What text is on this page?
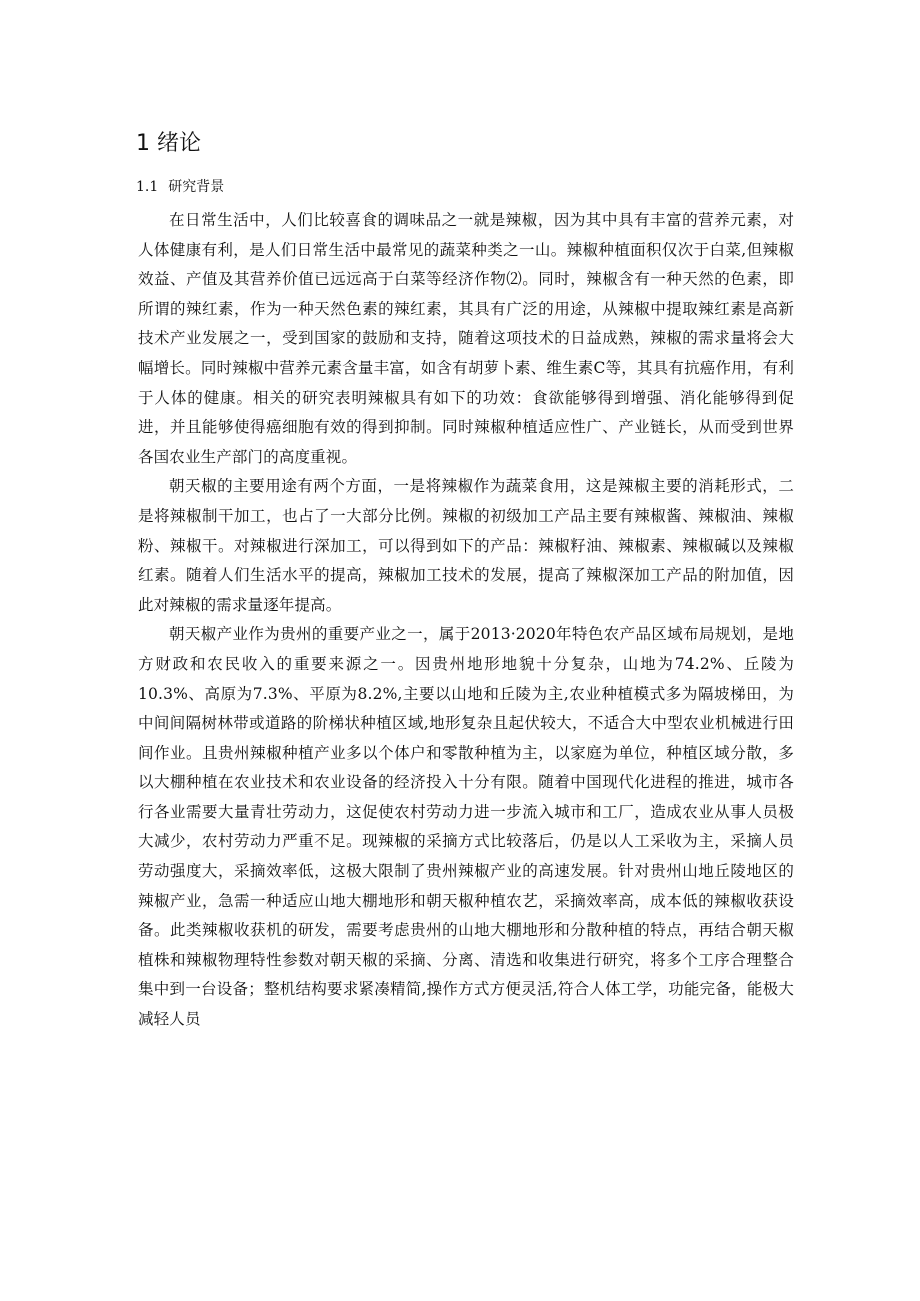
1 绪论
1.1 研究背景

在日常生活中，人们比较喜食的调味品之一就是辣椒，因为其中具有丰富的营养元素，对人体健康有利，是人们日常生活中最常见的蔬菜种类之一山。辣椒种植面积仅次于白菜,但辣椒效益、产值及其营养价值已远远高于白菜等经济作物⑵。同时，辣椒含有一种天然的色素，即所谓的辣红素，作为一种天然色素的辣红素，其具有广泛的用途，从辣椒中提取辣红素是高新技术产业发展之一，受到国家的鼓励和支持，随着这项技术的日益成熟，辣椒的需求量将会大幅增长。同时辣椒中营养元素含量丰富，如含有胡萝卜素、维生素C等，其具有抗癌作用，有利于人体的健康。相关的研究表明辣椒具有如下的功效：食欲能够得到增强、消化能够得到促进，并且能够使得癌细胞有效的得到抑制。同时辣椒种植适应性广、产业链长，从而受到世界各国农业生产部门的高度重视。

朝天椒的主要用途有两个方面，一是将辣椒作为蔬菜食用，这是辣椒主要的消耗形式，二是将辣椒制干加工，也占了一大部分比例。辣椒的初级加工产品主要有辣椒酱、辣椒油、辣椒粉、辣椒干。对辣椒进行深加工，可以得到如下的产品：辣椒籽油、辣椒素、辣椒碱以及辣椒红素。随着人们生活水平的提高，辣椒加工技术的发展，提高了辣椒深加工产品的附加值，因此对辣椒的需求量逐年提高。

朝天椒产业作为贵州的重要产业之一，属于2013·2020年特色农产品区域布局规划，是地方财政和农民收入的重要来源之一。因贵州地形地貌十分复杂，山地为74.2%、丘陵为10.3%、高原为7.3%、平原为8.2%,主要以山地和丘陵为主,农业种植模式多为隔坡梯田，为中间间隔树林带或道路的阶梯状种植区域,地形复杂且起伏较大，不适合大中型农业机械进行田间作业。且贵州辣椒种植产业多以个体户和零散种植为主，以家庭为单位，种植区域分散，多以大棚种植在农业技术和农业设备的经济投入十分有限。随着中国现代化进程的推进，城市各行各业需要大量青壮劳动力，这促使农村劳动力进一步流入城市和工厂，造成农业从事人员极大减少，农村劳动力严重不足。现辣椒的采摘方式比较落后，仍是以人工采收为主，采摘人员劳动强度大，采摘效率低，这极大限制了贵州辣椒产业的高速发展。针对贵州山地丘陵地区的辣椒产业，急需一种适应山地大棚地形和朝天椒种植农艺，采摘效率高，成本低的辣椒收获设备。此类辣椒收获机的研发，需要考虑贵州的山地大棚地形和分散种植的特点，再结合朝天椒植株和辣椒物理特性参数对朝天椒的采摘、分离、清选和收集进行研究，将多个工序合理整合集中到一台设备；整机结构要求紧凑精简,操作方式方便灵活,符合人体工学，功能完备，能极大减轻人员
